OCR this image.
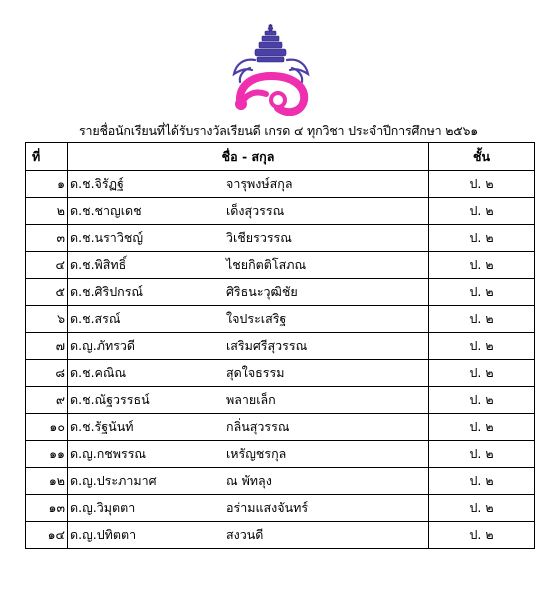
รายชื่อนักเรียนที่ได้รับรางวัลเรียนดี เกรด ๔ ทุกวิชา ประจำปีการศึกษา ๒๕๖๑
ที่	ชื่อ - สกุล	ชั้น
๑	ด.ช.จิรัฏฐ์ จารุพงษ์สกุล	ป. ๒
๒	ด.ช.ชาญเดช เด็งสุวรรณ	ป. ๒
๓	ด.ช.นราวิชญ์ วิเชียรวรรณ	ป. ๒
๔	ด.ช.พิสิทธิ์ ไชยกิตติโสภณ	ป. ๒
๕	ด.ช.ศิริปกรณ์ ศิริธนะวุฒิชัย	ป. ๒
๖	ด.ช.สรณ์ ใจประเสริฐ	ป. ๒
๗	ด.ญ.ภัทรวดี เสริมศรีสุวรรณ	ป. ๒
๘	ด.ช.คณิณ สุดใจธรรม	ป. ๒
๙	ด.ช.ณัฐวรรธน์ พลายเล็ก	ป. ๒
๑๐	ด.ช.รัฐนันท์ กลิ่นสุวรรณ	ป. ๒
๑๑	ด.ญ.กชพรรณ เหรัญชรกุล	ป. ๒
๑๒	ด.ญ.ประภามาศ ณ พัทลุง	ป. ๒
๑๓	ด.ญ.วิมุตตา อร่ามแสงจันทร์	ป. ๒
๑๔	ด.ญ.ปทิตตา สงวนดี	ป. ๒
